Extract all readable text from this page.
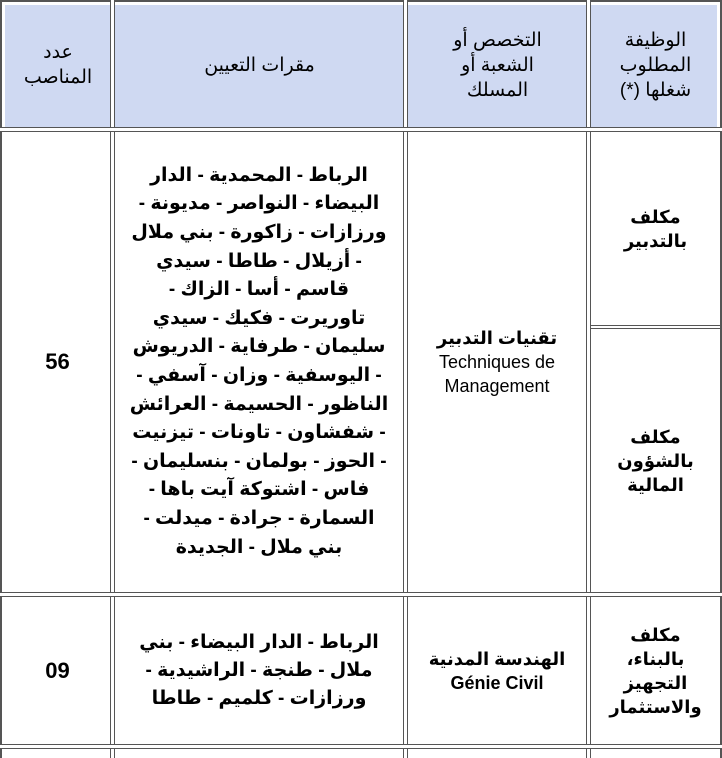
عدد المناصب
مقرات التعيين
التخصص أو الشعبة أو المسلك
الوظيفة المطلوب شغلها (*)
56
الرباط - المحمدية - الدار البيضاء - النواصر - مديونة - ورزازات - زاكورة - بني ملال - أزيلال - طاطا - سيدي قاسم - أسا - الزاك - تاوريرت - فكيك - سيدي سليمان - طرفاية - الدريوش - اليوسفية - وزان - آسفي - الناظور - الحسيمة - العرائش - شفشاون - تاونات - تيزنيت - الحوز - بولمان - بنسليمان - فاس - اشتوكة آيت باها - السمارة - جرادة - ميدلت - بني ملال - الجديدة
تقنيات التدبير
Techniques de Management
مكلف بالتدبير
مكلف بالشؤون المالية
09
الرباط - الدار البيضاء - بني ملال - طنجة - الراشيدية - ورزازات - كلميم - طاطا
الهندسة المدنية
Génie Civil
مكلف بالبناء، التجهيز والاستثمار
